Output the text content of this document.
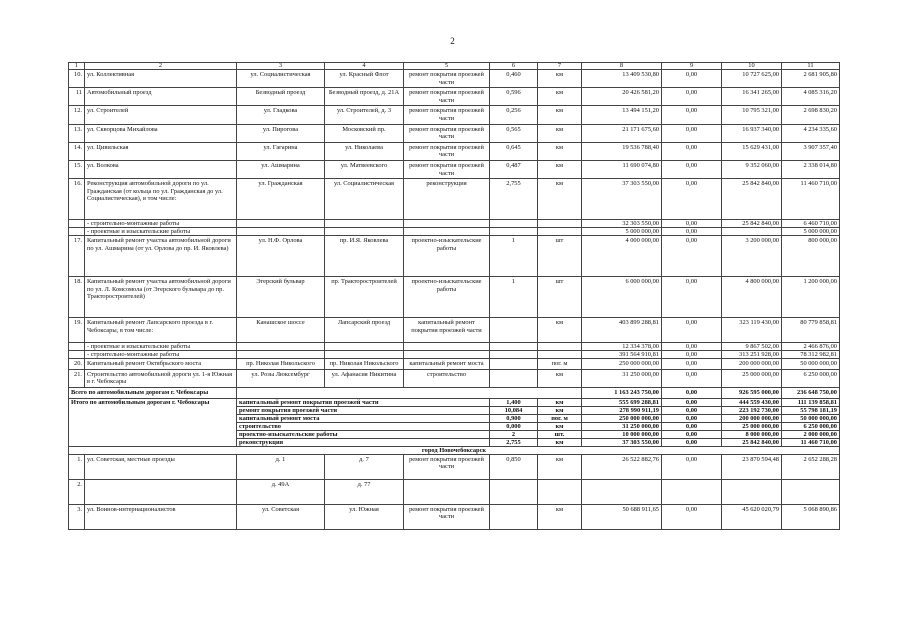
2
1	2	3	4	5	6	7	8	9	10	11
10.	ул. Коллективная	ул. Социалистическая	ул. Красный Флот	ремонт покрытия проезжей части	0,460	км	13 409 530,80	0,00	10 727 625,00	2 681 905,80
11	Автомобильный проезд	Безводный проезд	Безводный проезд, д. 21А	ремонт покрытия проезжей части	0,596	км	20 426 581,20	0,00	16 341 265,00	4 085 316,20
12.	ул. Строителей	ул. Гладкова	ул. Строителей, д. 3	ремонт покрытия проезжей части	0,256	км	13 494 151,20	0,00	10 795 321,00	2 698 830,20
13.	ул. Скворцова Михайлова	ул. Пирогова	Московский пр.	ремонт покрытия проезжей части	0,565	км	21 171 675,60	0,00	16 937 340,00	4 234 335,60
14.	ул. Цивильская	ул. Гагарина	ул. Николаева	ремонт покрытия проезжей части	0,645	км	19 536 788,40	0,00	15 629 431,00	3 907 357,40
15.	ул. Волкова	ул. Ашмарина	ул. Матвеевского	ремонт покрытия проезжей части	0,487	км	11 690 074,80	0,00	9 352 060,00	2 338 014,80
16.	Реконструкция автомобильной дороги по ул. Гражданская (от кольца по ул. Гражданская до ул. Социалистическая), в том числе:	ул. Гражданская	ул. Социалистическая	реконструкция	2,755	км	37 303 550,00	0,00	25 842 840,00	11 460 710,00
	- строительно-монтажные работы						32 303 550,00	0,00	25 842 840,00	6 460 710,00
	- проектные и изыскательские работы						5 000 000,00	0,00		5 000 000,00
17.	Капитальный ремонт участка автомобильной дороги по ул. Ашмарина (от ул. Орлова до пр. И. Яковлева)	ул. Н.Ф. Орлова	пр. И.Я. Яковлева	проектно-изыскательские работы	1	шт	4 000 000,00	0,00	3 200 000,00	800 000,00
18.	Капитальный ремонт участка автомобильной дороги по ул. Л. Комсомола (от Эгерского бульвара до пр. Тракторостроителей)	Эгерский бульвар	пр. Тракторостроителей	проектно-изыскательские работы	1	шт	6 000 000,00	0,00	4 800 000,00	1 200 000,00
19.	Капитальный ремонт Лапсарского проезда в г. Чебоксары, в том числе:	Канашское шоссе	Лапсарский проезд	капитальный ремонт покрытия проезжей части		км	403 899 288,81	0,00	323 119 430,00	80 779 858,81
	- проектные и изыскательские работы						12 334 378,00	0,00	9 867 502,00	2 466 876,00
	- строительно-монтажные работы						391 564 910,81	0,00	313 251 928,00	78 312 982,81
20.	Капитальный ремонт Октябрьского моста	пр. Николая Никольского	пр. Николая Никольского	капитальный ремонт моста		пог. м	250 000 000,00	0,00	200 000 000,00	50 000 000,00
21.	Строительство автомобильной дороги ул. 1-я Южная в г. Чебоксары	ул. Розы Люксембург	ул. Афанасия Никитина	строительство		км	31 250 000,00	0,00	25 000 000,00	6 250 000,00
Всего по автомобильным дорогам г. Чебоксары							1 163 243 750,00	0,00	926 595 000,00	236 648 750,00
Итого по автомобильным дорогам г. Чебоксары		капитальный ремонт покрытия проезжей части			1,400	км	555 699 288,81	0,00	444 559 430,00	111 139 858,81
		ремонт покрытия проезжей части			10,084	км	278 990 911,19	0,00	223 192 730,00	55 798 181,19
		капитальный ремонт моста			0,900	пог. м	250 000 000,00	0,00	200 000 000,00	50 000 000,00
		строительство			0,000	км	31 250 000,00	0,00	25 000 000,00	6 250 000,00
		проектно-изыскательские работы			2	шт.	10 000 000,00	0,00	8 000 000,00	2 000 000,00
		реконструкция			2,755	км	37 303 550,00	0,00	25 842 840,00	11 460 710,00
город Новочебоксарск										
1.	ул. Советская, местные проезды	д. 1	д. 7	ремонт покрытия проезжей части	0,850	км	26 522 882,76	0,00	23 870 594,48	2 652 288,28
2.		д. 49А	д. 77							
3.	ул. Воинов-интернационалистов	ул. Советская	ул. Южная	ремонт покрытия проезжей части		км	50 688 911,65	0,00	45 620 020,79	5 068 890,86
